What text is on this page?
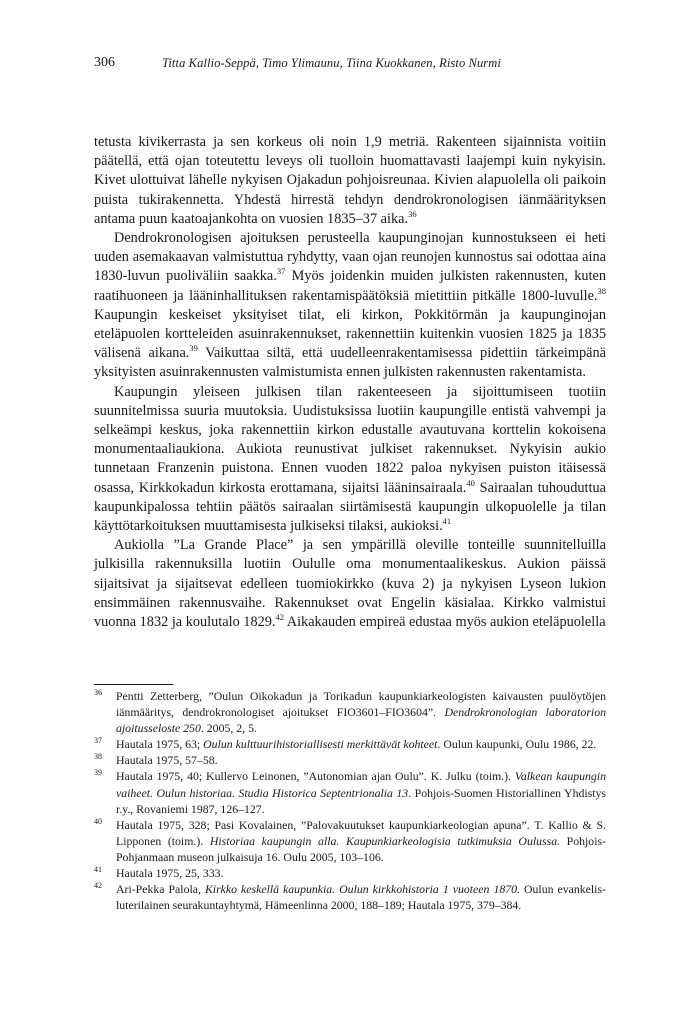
306	Titta Kallio-Seppä, Timo Ylimaunu, Tiina Kuokkanen, Risto Nurmi

tetusta kivikerrasta ja sen korkeus oli noin 1,9 metriä. Rakenteen sijainnista voitiin päätellä, että ojan toteutettu leveys oli tuolloin huomattavasti laajempi kuin nykyisin. Kivet ulottuivat lähelle nykyisen Ojakadun pohjoisreunaa. Kivien alapuolella oli paikoin puista tukirakennetta. Yhdestä hirrestä tehdyn dendrokronologisen iänmäärityksen antama puun kaatoajankohta on vuosien 1835–37 aika.$^{36}$

Dendrokronologisen ajoituksen perusteella kaupunginojan kunnostukseen ei heti uuden asemakaavan valmistuttua ryhdytty, vaan ojan reunojen kunnostus sai odottaa aina 1830-luvun puoliväliin saakka.$^{37}$ Myös joidenkin muiden julkisten rakennusten, kuten raatihuoneen ja lääninhallituksen rakentamispäätöksiä mietittiin pitkälle 1800-luvulle.$^{38}$ Kaupungin keskeiset yksityiset tilat, eli kirkon, Pokkitörmän ja kaupunginojan eteläpuolen kortteleiden asuinrakennukset, rakennettiin kuitenkin vuosien 1825 ja 1835 välisenä aikana.$^{39}$ Vaikuttaa siltä, että uudelleenrakentamisessa pidettiin tärkeimpänä yksityisten asuinrakennusten valmistumista ennen julkisten rakennusten rakentamista.

Kaupungin yleiseen julkisen tilan rakenteeseen ja sijoittumiseen tuotiin suunnitelmissa suuria muutoksia. Uudistuksissa luotiin kaupungille entistä vahvempi ja selkeämpi keskus, joka rakennettiin kirkon edustalle avautuvana korttelin kokoisena monumentaaliaukiona. Aukiota reunustivat julkiset rakennukset. Nykyisin aukio tunnetaan Franzenin puistona. Ennen vuoden 1822 paloa nykyisen puiston itäisessä osassa, Kirkkokadun kirkosta erottamana, sijaitsi lääninsairaala.$^{40}$ Sairaalan tuhouduttua kaupunkipalossa tehtiin päätös sairaalan siirtämisestä kaupungin ulkopuolelle ja tilan käyttötarkoituksen muuttamisesta julkiseksi tilaksi, aukioksi.$^{41}$

Aukiolla ”La Grande Place” ja sen ympärillä oleville tonteille suunnitelluilla julkisilla rakennuksilla luotiin Oululle oma monumentaalikeskus. Aukion päissä sijaitsivat ja sijaitsevat edelleen tuomiokirkko (kuva 2) ja nykyisen Lyseon lukion ensimmäinen rakennusvaihe. Rakennukset ovat Engelin käsialaa. Kirkko valmistui vuonna 1832 ja koulutalo 1829.42 Aikakauden empireä edustaa myös aukion eteläpuolella

36 Pentti Zetterberg, ”Oulun Oikokadun ja Torikadun kaupunkiarkeologisten kaivausten puulöytöjen iänmääritys, dendrokronologiset ajoitukset FIO3601–FIO3604”. Dendrokronologian laboratorion ajoitusseloste 250. 2005, 2, 5.
37 Hautala 1975, 63; Oulun kulttuurihistoriallisesti merkittävät kohteet. Oulun kaupunki, Oulu 1986, 22.
38 Hautala 1975, 57–58.
39 Hautala 1975, 40; Kullervo Leinonen, ”Autonomian ajan Oulu”. K. Julku (toim.). Valkean kaupungin vaiheet. Oulun historiaa. Studia Historica Septentrionalia 13. Pohjois-Suomen Historiallinen Yhdistys r.y., Rovaniemi 1987, 126–127.
40 Hautala 1975, 328; Pasi Kovalainen, ”Palovakuutukset kaupunkiarkeologian apuna”. T. Kallio & S. Lipponen (toim.). Historiaa kaupungin alla. Kaupunkiarkeologisia tutkimuksia Oulussa. Pohjois-Pohjanmaan museon julkaisuja 16. Oulu 2005, 103–106.
41 Hautala 1975, 25, 333.
42 Ari-Pekka Palola, Kirkko keskellä kaupunkia. Oulun kirkkohistoria 1 vuoteen 1870. Oulun evankelis-luterilainen seurakuntayhtymä, Hämeenlinna 2000, 188–189; Hautala 1975, 379–384.
